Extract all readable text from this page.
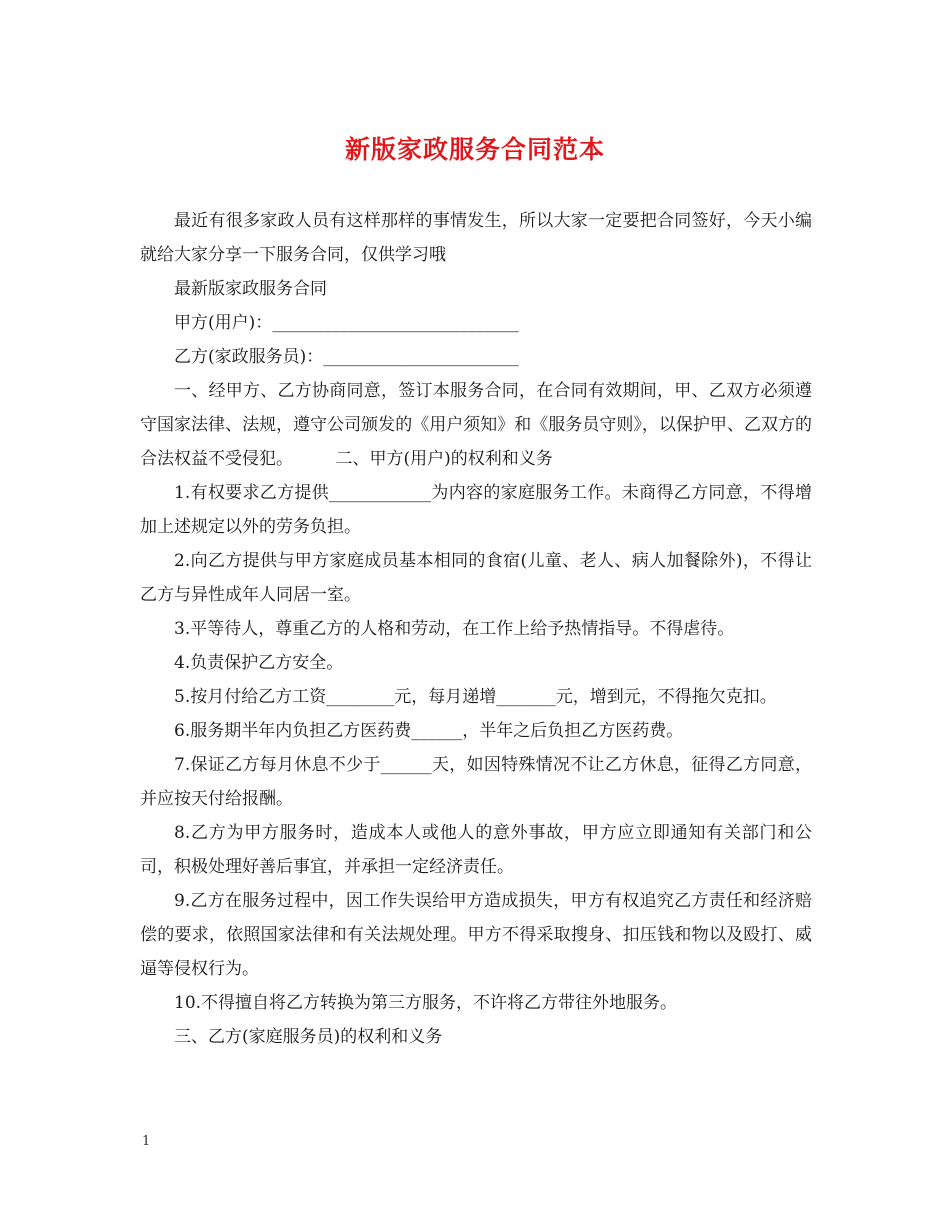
新版家政服务合同范本

最近有很多家政人员有这样那样的事情发生，所以大家一定要把合同签好，今天小编就给大家分享一下服务合同，仅供学习哦

最新版家政服务合同

甲方(用户)：_____________________________

乙方(家政服务员)：_______________________

一、经甲方、乙方协商同意，签订本服务合同，在合同有效期间，甲、乙双方必须遵守国家法律、法规，遵守公司颁发的《用户须知》和《服务员守则》，以保护甲、乙双方的合法权益不受侵犯。　　　二、甲方(用户)的权利和义务

1.有权要求乙方提供____________为内容的家庭服务工作。未商得乙方同意，不得增加上述规定以外的劳务负担。

2.向乙方提供与甲方家庭成员基本相同的食宿(儿童、老人、病人加餐除外)，不得让乙方与异性成年人同居一室。

3.平等待人，尊重乙方的人格和劳动，在工作上给予热情指导。不得虐待。

4.负责保护乙方安全。

5.按月付给乙方工资________元，每月递增_______元，增到元，不得拖欠克扣。

6.服务期半年内负担乙方医药费______，半年之后负担乙方医药费。

7.保证乙方每月休息不少于______天，如因特殊情况不让乙方休息，征得乙方同意，并应按天付给报酬。

8.乙方为甲方服务时，造成本人或他人的意外事故，甲方应立即通知有关部门和公司，积极处理好善后事宜，并承担一定经济责任。

9.乙方在服务过程中，因工作失误给甲方造成损失，甲方有权追究乙方责任和经济赔偿的要求，依照国家法律和有关法规处理。甲方不得采取搜身、扣压钱和物以及殴打、威逼等侵权行为。

10.不得擅自将乙方转换为第三方服务，不许将乙方带往外地服务。

三、乙方(家庭服务员)的权利和义务

1
